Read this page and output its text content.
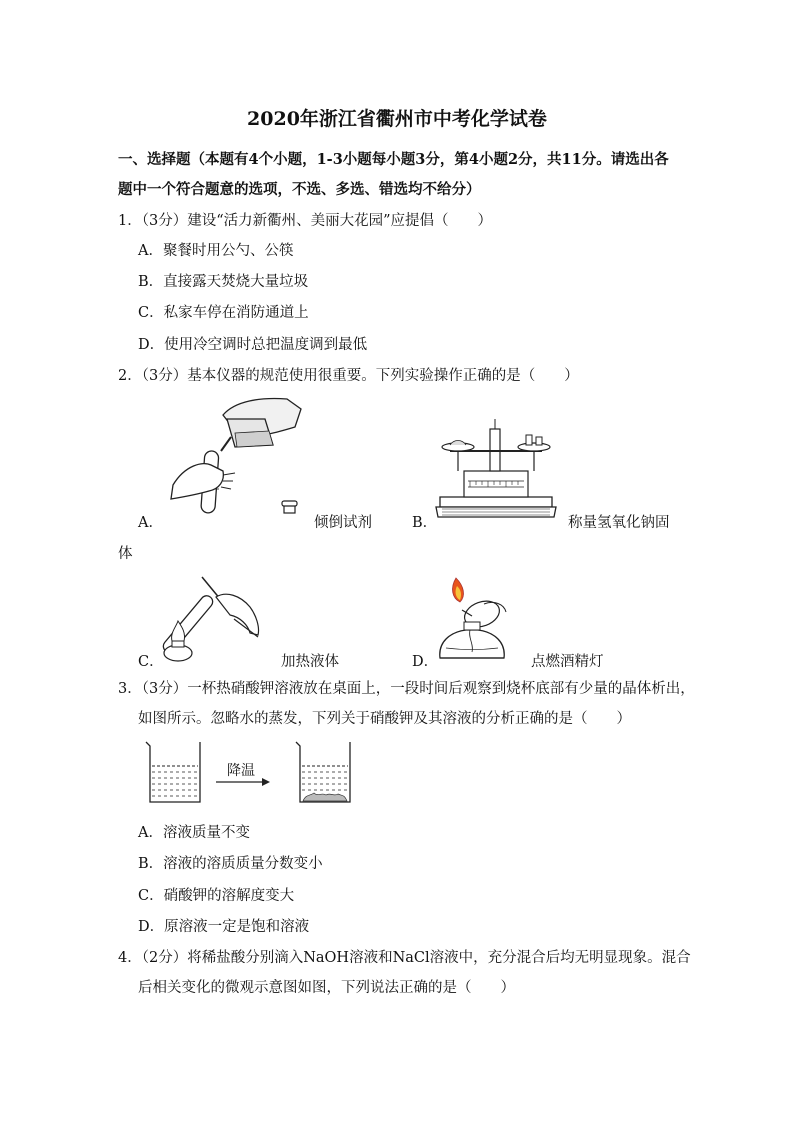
2020年浙江省衢州市中考化学试卷
一、选择题（本题有4个小题，1-3小题每小题3分，第4小题2分，共11分。请选出各
题中一个符合题意的选项，不选、多选、错选均不给分）
1．（3分）建设“活力新衢州、美丽大花园”应提倡（　　）
A．聚餐时用公勺、公筷
B．直接露天焚烧大量垃圾
C．私家车停在消防通道上
D．使用冷空调时总把温度调到最低
2．（3分）基本仪器的规范使用很重要。下列实验操作正确的是（　　）
A．	倾倒试剂	B．	称量氢氧化钠固
体
C．	加热液体	D．	点燃酒精灯
3．（3分）一杯热硝酸钾溶液放在桌面上，一段时间后观察到烧杯底部有少量的晶体析出，
如图所示。忽略水的蒸发，下列关于硝酸钾及其溶液的分析正确的是（　　）
降温
A．溶液质量不变
B．溶液的溶质质量分数变小
C．硝酸钾的溶解度变大
D．原溶液一定是饱和溶液
4．（2分）将稀盐酸分别滴入NaOH溶液和NaCl溶液中，充分混合后均无明显现象。混合
后相关变化的微观示意图如图，下列说法正确的是（　　）
